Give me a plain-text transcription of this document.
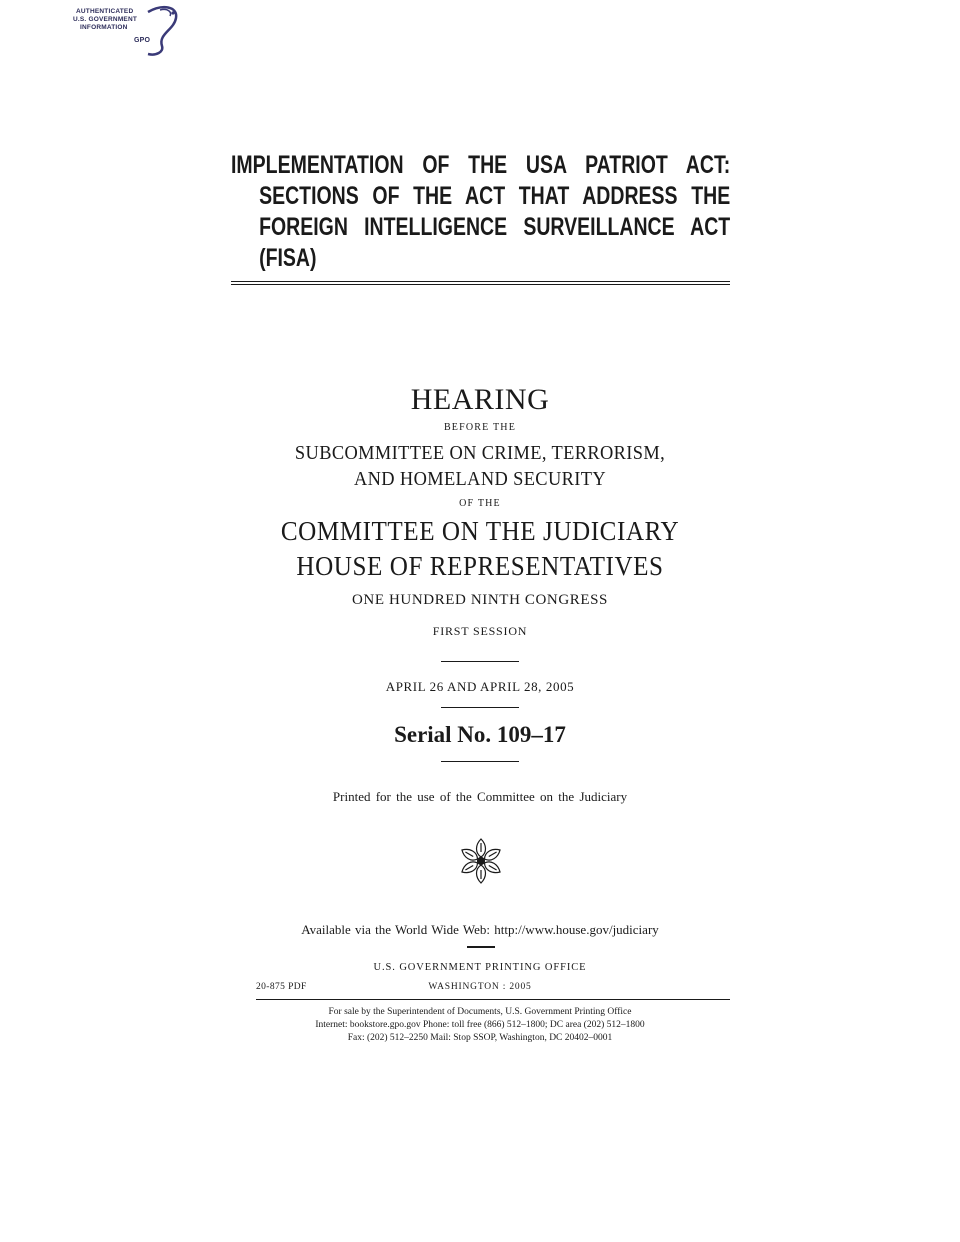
AUTHENTICATED
U.S. GOVERNMENT
INFORMATION
GPO
IMPLEMENTATION OF THE USA PATRIOT ACT:
SECTIONS OF THE ACT THAT ADDRESS THE
FOREIGN INTELLIGENCE SURVEILLANCE ACT
(FISA)
HEARING
BEFORE THE
SUBCOMMITTEE ON CRIME, TERRORISM,
AND HOMELAND SECURITY
OF THE
COMMITTEE ON THE JUDICIARY
HOUSE OF REPRESENTATIVES
ONE HUNDRED NINTH CONGRESS
FIRST SESSION
APRIL 26 AND APRIL 28, 2005
Serial No. 109–17
Printed for the use of the Committee on the Judiciary
Available via the World Wide Web: http://www.house.gov/judiciary
U.S. GOVERNMENT PRINTING OFFICE
20-875 PDF	WASHINGTON : 2005
For sale by the Superintendent of Documents, U.S. Government Printing Office
Internet: bookstore.gpo.gov Phone: toll free (866) 512–1800; DC area (202) 512–1800
Fax: (202) 512–2250 Mail: Stop SSOP, Washington, DC 20402–0001
